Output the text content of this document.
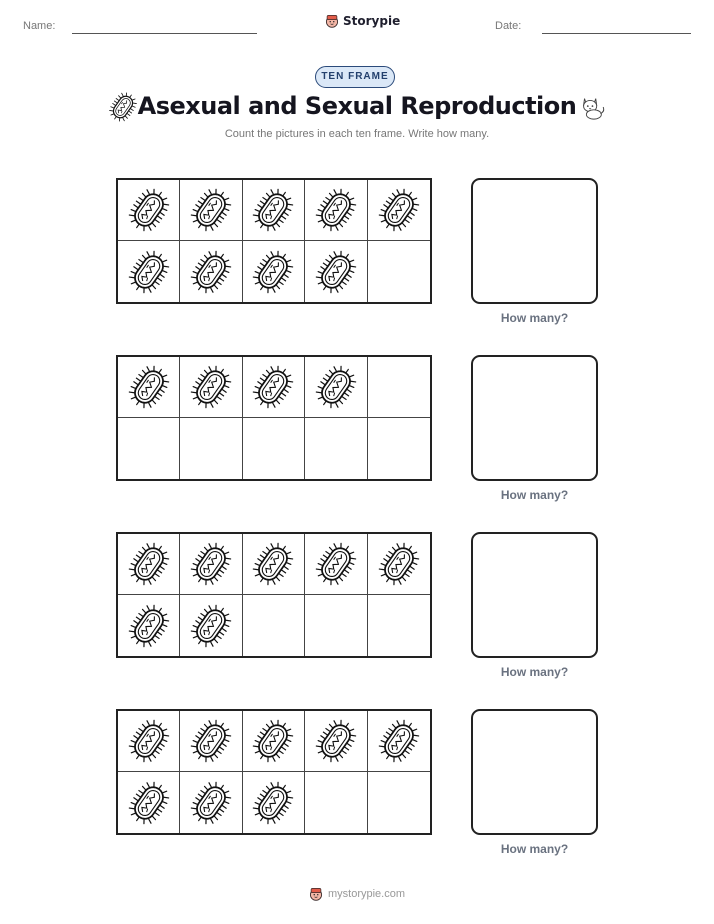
Name:	Storypie	Date:
TEN FRAME
Asexual and Sexual Reproduction
Count the pictures in each ten frame. Write how many.
How many?
How many?
How many?
How many?
mystorypie.com
